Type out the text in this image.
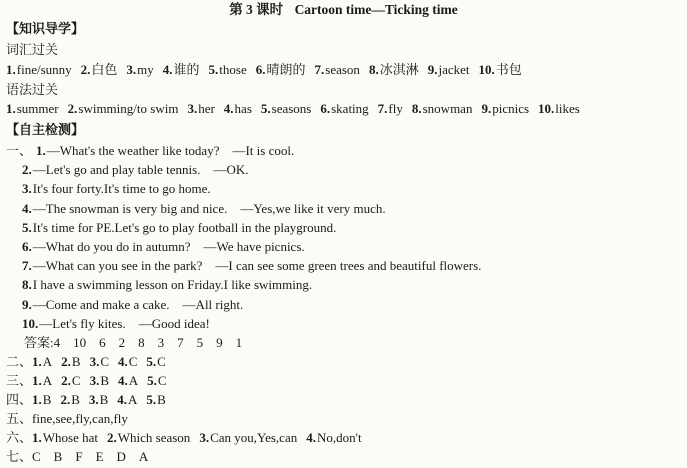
第 3 课时 Cartoon time—Ticking time
【知识导学】
词汇过关
1.fine/sunny 2.白色 3.my 4.谁的 5.those 6.晴朗的 7.season 8.冰淇淋 9.jacket 10.书包
语法过关
1.summer 2.swimming/to swim 3.her 4.has 5.seasons 6.skating 7.fly 8.snowman 9.picnics 10.likes
【自主检测】
一、 1.—What's the weather like today?　—It is cool.
2.—Let's go and play table tennis.　—OK.
3.It's four forty.It's time to go home.
4.—The snowman is very big and nice.　—Yes,we like it very much.
5.It's time for PE.Let's go to play football in the playground.
6.—What do you do in autumn?　—We have picnics.
7.—What can you see in the park?　—I can see some green trees and beautiful flowers.
8.I have a swimming lesson on Friday.I like swimming.
9.—Come and make a cake.　—All right.
10.—Let's fly kites.　—Good idea!
答案:4　10　6　2　8　3　7　5　9　1
二、1.A 2.B 3.C 4.C 5.C
三、1.A 2.C 3.B 4.A 5.C
四、1.B 2.B 3.B 4.A 5.B
五、fine,see,fly,can,fly
六、1.Whose hat 2.Which season 3.Can you,Yes,can 4.No,don't
七、C　B　F　E　D　A
